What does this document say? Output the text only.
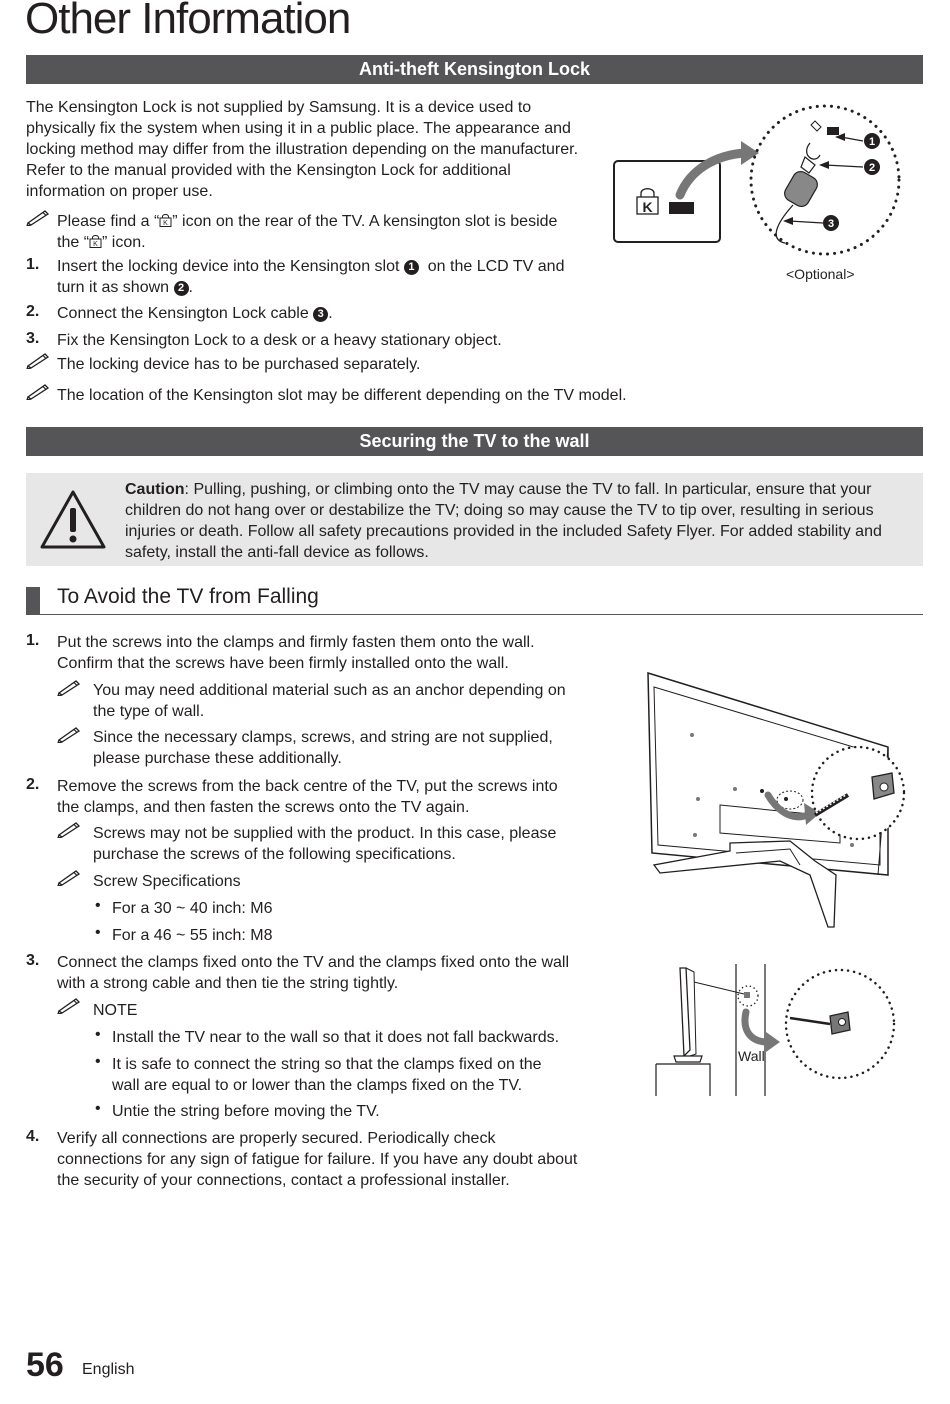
Other Information
Anti-theft Kensington Lock
The Kensington Lock is not supplied by Samsung. It is a device used to
physically fix the system when using it in a public place. The appearance and
locking method may differ from the illustration depending on the manufacturer.
Refer to the manual provided with the Kensington Lock for additional
information on proper use.
Please find a “ K ” icon on the rear of the TV. A kensington slot is beside
the “ K ” icon.
1. Insert the locking device into the Kensington slot 1 on the LCD TV and
turn it as shown 2 .
2. Connect the Kensington Lock cable 3 .
3. Fix the Kensington Lock to a desk or a heavy stationary object.
The locking device has to be purchased separately.
The location of the Kensington slot may be different depending on the TV model.
K
1
2
3
<Optional>
Securing the TV to the wall
Caution: Pulling, pushing, or climbing onto the TV may cause the TV to fall. In particular, ensure that your
children do not hang over or destabilize the TV; doing so may cause the TV to tip over, resulting in serious
injuries or death. Follow all safety precautions provided in the included Safety Flyer. For added stability and
safety, install the anti-fall device as follows.
To Avoid the TV from Falling
1. Put the screws into the clamps and firmly fasten them onto the wall.
Confirm that the screws have been firmly installed onto the wall.
You may need additional material such as an anchor depending on
the type of wall.
Since the necessary clamps, screws, and string are not supplied,
please purchase these additionally.
2. Remove the screws from the back centre of the TV, put the screws into
the clamps, and then fasten the screws onto the TV again.
Screws may not be supplied with the product. In this case, please
purchase the screws of the following specifications.
Screw Specifications
• For a 30 ~ 40 inch: M6
• For a 46 ~ 55 inch: M8
3. Connect the clamps fixed onto the TV and the clamps fixed onto the wall
with a strong cable and then tie the string tightly.
NOTE
• Install the TV near to the wall so that it does not fall backwards.
• It is safe to connect the string so that the clamps fixed on the
wall are equal to or lower than the clamps fixed on the TV.
• Untie the string before moving the TV.
4. Verify all connections are properly secured. Periodically check
connections for any sign of fatigue for failure. If you have any doubt about
the security of your connections, contact a professional installer.
Wall
56 English
